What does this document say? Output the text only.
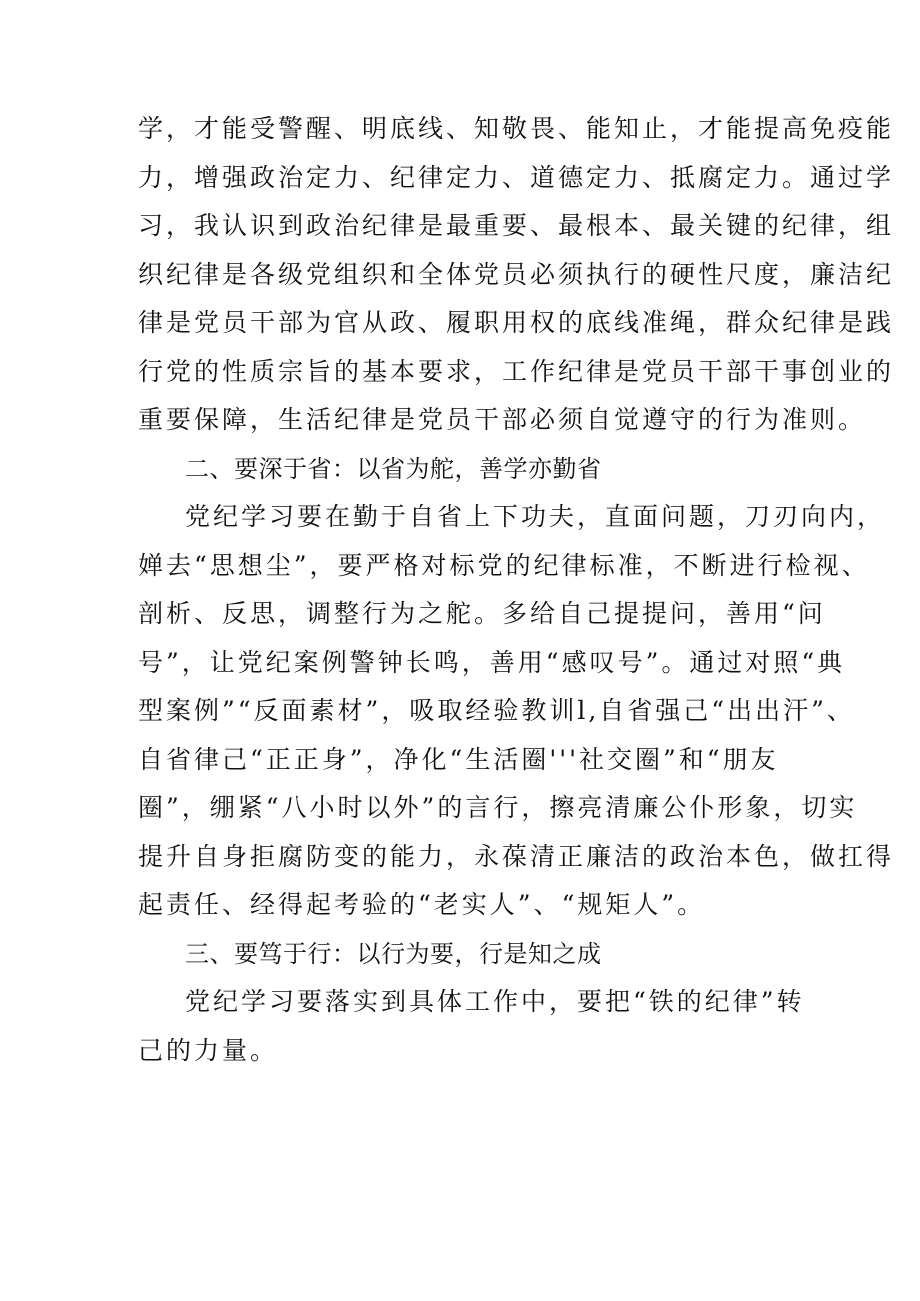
学，才能受警醒、明底线、知敬畏、能知止，才能提高免疫能
力，增强政治定力、纪律定力、道德定力、抵腐定力。通过学
习，我认识到政治纪律是最重要、最根本、最关键的纪律，组
织纪律是各级党组织和全体党员必须执行的硬性尺度，廉洁纪
律是党员干部为官从政、履职用权的底线准绳，群众纪律是践
行党的性质宗旨的基本要求，工作纪律是党员干部干事创业的
重要保障，生活纪律是党员干部必须自觉遵守的行为准则。
二、要深于省：以省为舵，善学亦勤省
党纪学习要在勤于自省上下功夫，直面问题，刀刃向内，
婵去“思想尘”，要严格对标党的纪律标准，不断进行检视、
剖析、反思，调整行为之舵。多给自己提提问，善用“问
号”，让党纪案例警钟长鸣，善用“感叹号”。通过对照“典
型案例”“反面素材”，吸取经验教训l,自省强己“出出汗”、
自省律己“正正身”，净化“生活圈'''社交圈”和“朋友
圈”，绷紧“八小时以外”的言行，擦亮清廉公仆形象，切实
提升自身拒腐防变的能力，永葆清正廉洁的政治本色，做扛得
起责任、经得起考验的“老实人”、“规矩人”。
三、要笃于行：以行为要，行是知之成
党纪学习要落实到具体工作中，要把“铁的纪律”转
己的力量。
